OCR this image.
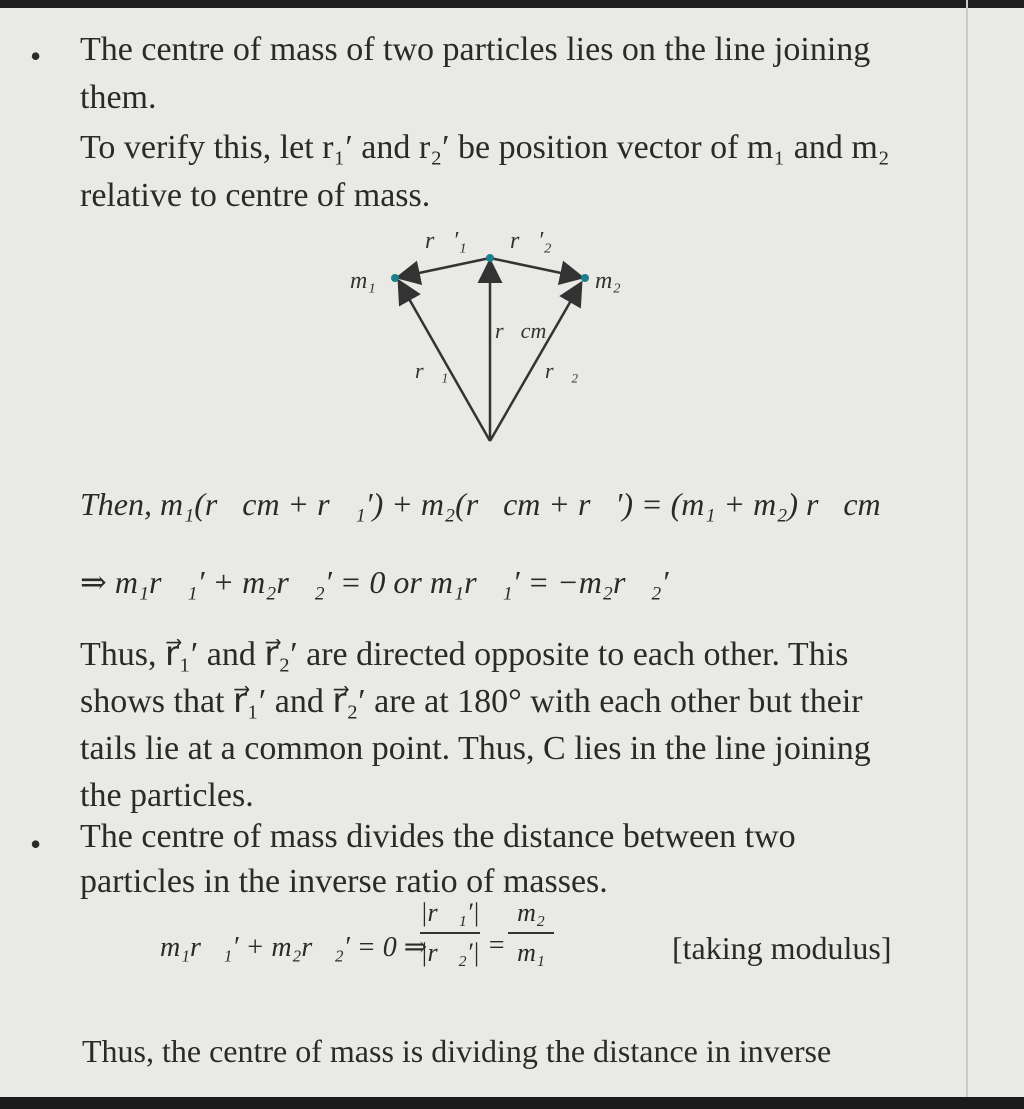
• The centre of mass of two particles lies on the line joining
them.
To verify this, let r₁′ and r₂′ be position vector of m₁ and m₂
relative to centre of mass.
r⃗′₁ r⃗′₂
m₁	m₂
r⃗cm
r⃗₁	r⃗₂
Then, m₁(r⃗cm + r⃗₁′) + m₂(r⃗cm + r⃗′) = (m₁ + m₂) r⃗cm
⇒ m₁r⃗₁′ + m₂r⃗₂′ = 0 or m₁r⃗₁′ = −m₂r⃗₂′
Thus, r⃗₁′ and r⃗₂′ are directed opposite to each other. This
shows that r⃗₁′ and r⃗₂′ are at 180° with each other but their
tails lie at a common point. Thus, C lies in the line joining
the particles.
• The centre of mass divides the distance between two
particles in the inverse ratio of masses.
m₁r⃗₁′ + m₂r⃗₂′ = 0 ⇒
$\frac{\text{|r⃗₁′|}}{\text{|r⃗₂′|}} = \frac{\text{m₂}}{\text{m₁}}$	[taking modulus]
Thus, the centre of mass is dividing the distance in inverse
